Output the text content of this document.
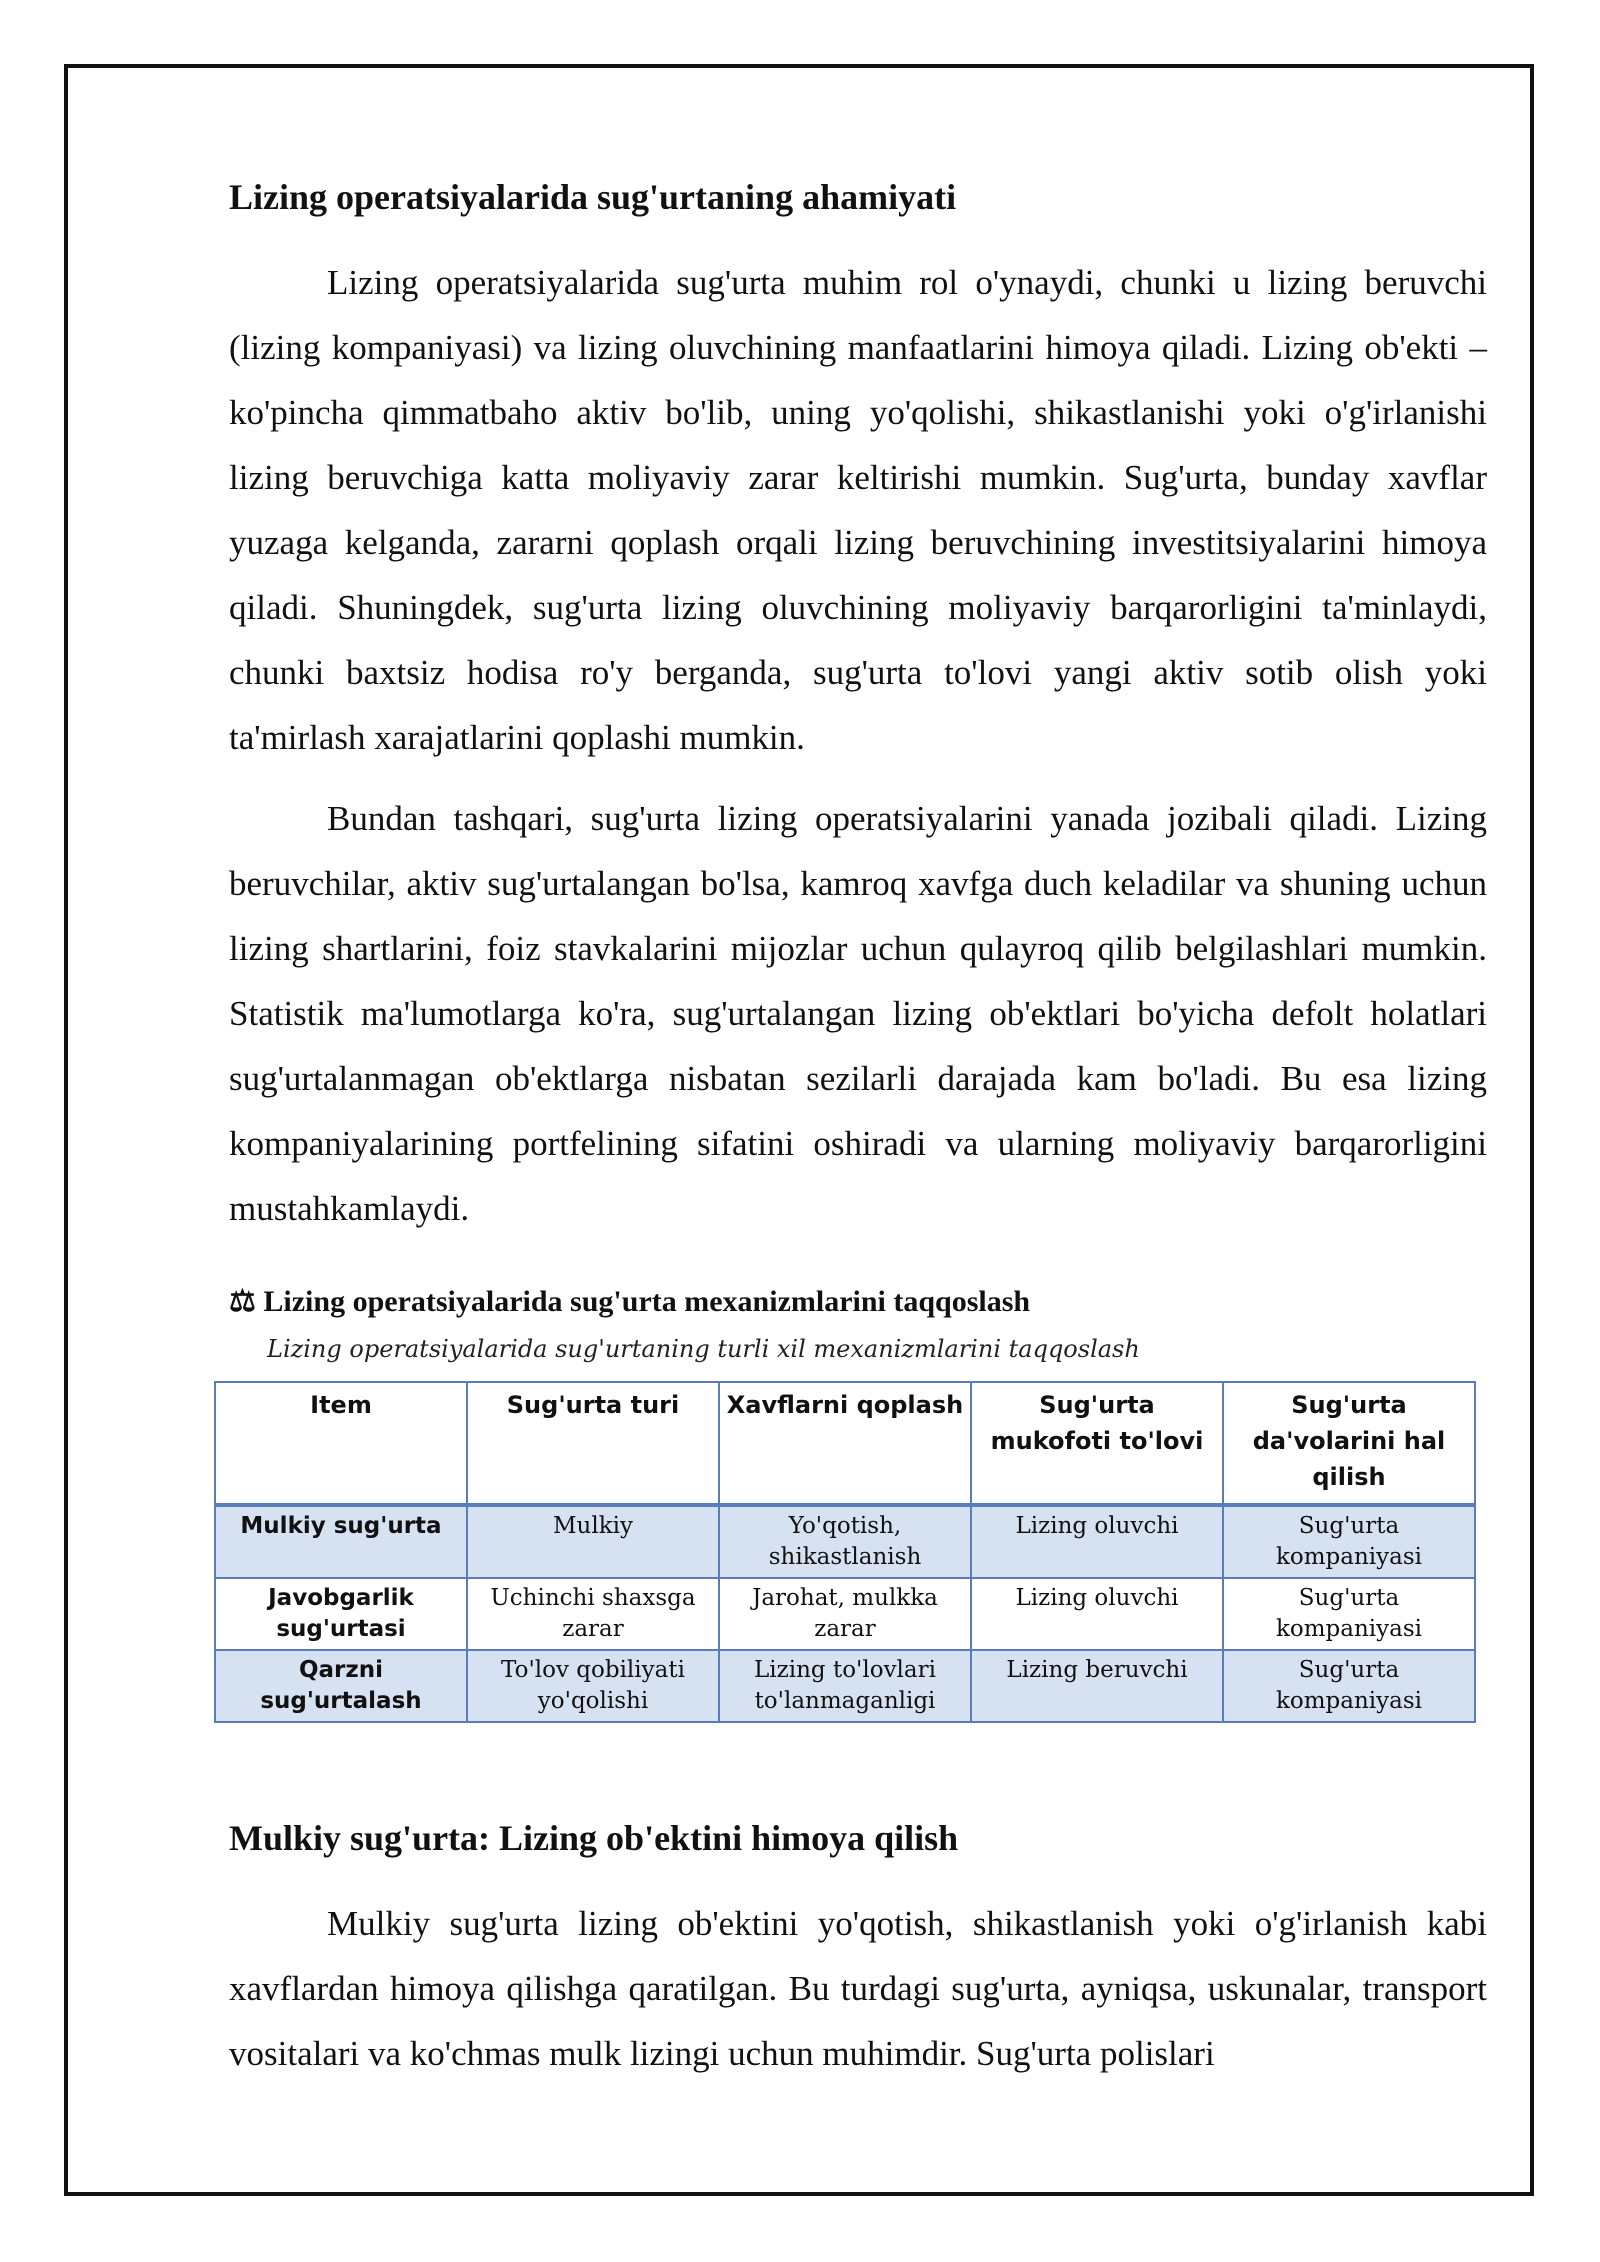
Lizing operatsiyalarida sug'urtaning ahamiyati

Lizing operatsiyalarida sug'urta muhim rol o'ynaydi, chunki u lizing beruvchi (lizing kompaniyasi) va lizing oluvchining manfaatlarini himoya qiladi. Lizing ob'ekti – ko'pincha qimmatbaho aktiv bo'lib, uning yo'qolishi, shikastlanishi yoki o'g'irlanishi lizing beruvchiga katta moliyaviy zarar keltirishi mumkin. Sug'urta, bunday xavflar yuzaga kelganda, zararni qoplash orqali lizing beruvchining investitsiyalarini himoya qiladi. Shuningdek, sug'urta lizing oluvchining moliyaviy barqarorligini ta'minlaydi, chunki baxtsiz hodisa ro'y berganda, sug'urta to'lovi yangi aktiv sotib olish yoki ta'mirlash xarajatlarini qoplashi mumkin.

Bundan tashqari, sug'urta lizing operatsiyalarini yanada jozibali qiladi. Lizing beruvchilar, aktiv sug'urtalangan bo'lsa, kamroq xavfga duch keladilar va shuning uchun lizing shartlarini, foiz stavkalarini mijozlar uchun qulayroq qilib belgilashlari mumkin. Statistik ma'lumotlarga ko'ra, sug'urtalangan lizing ob'ektlari bo'yicha defolt holatlari sug'urtalanmagan ob'ektlarga nisbatan sezilarli darajada kam bo'ladi. Bu esa lizing kompaniyalarining portfelining sifatini oshiradi va ularning moliyaviy barqarorligini mustahkamlaydi.

⚖ Lizing operatsiyalarida sug'urta mexanizmlarini taqqoslash
Lizing operatsiyalarida sug'urtaning turli xil mexanizmlarini taqqoslash
Item	Sug'urta turi	Xavflarni qoplash	Sug'urta mukofoti to'lovi	Sug'urta da'volarini hal qilish
Mulkiy sug'urta	Mulkiy	Yo'qotish, shikastlanish	Lizing oluvchi	Sug'urta kompaniyasi
Javobgarlik sug'urtasi	Uchinchi shaxsga zarar	Jarohat, mulkka zarar	Lizing oluvchi	Sug'urta kompaniyasi
Qarzni sug'urtalash	To'lov qobiliyati yo'qolishi	Lizing to'lovlari to'lanmaganligi	Lizing beruvchi	Sug'urta kompaniyasi
Mulkiy sug'urta: Lizing ob'ektini himoya qilish

Mulkiy sug'urta lizing ob'ektini yo'qotish, shikastlanish yoki o'g'irlanish kabi xavflardan himoya qilishga qaratilgan. Bu turdagi sug'urta, ayniqsa, uskunalar, transport vositalari va ko'chmas mulk lizingi uchun muhimdir. Sug'urta polislari
